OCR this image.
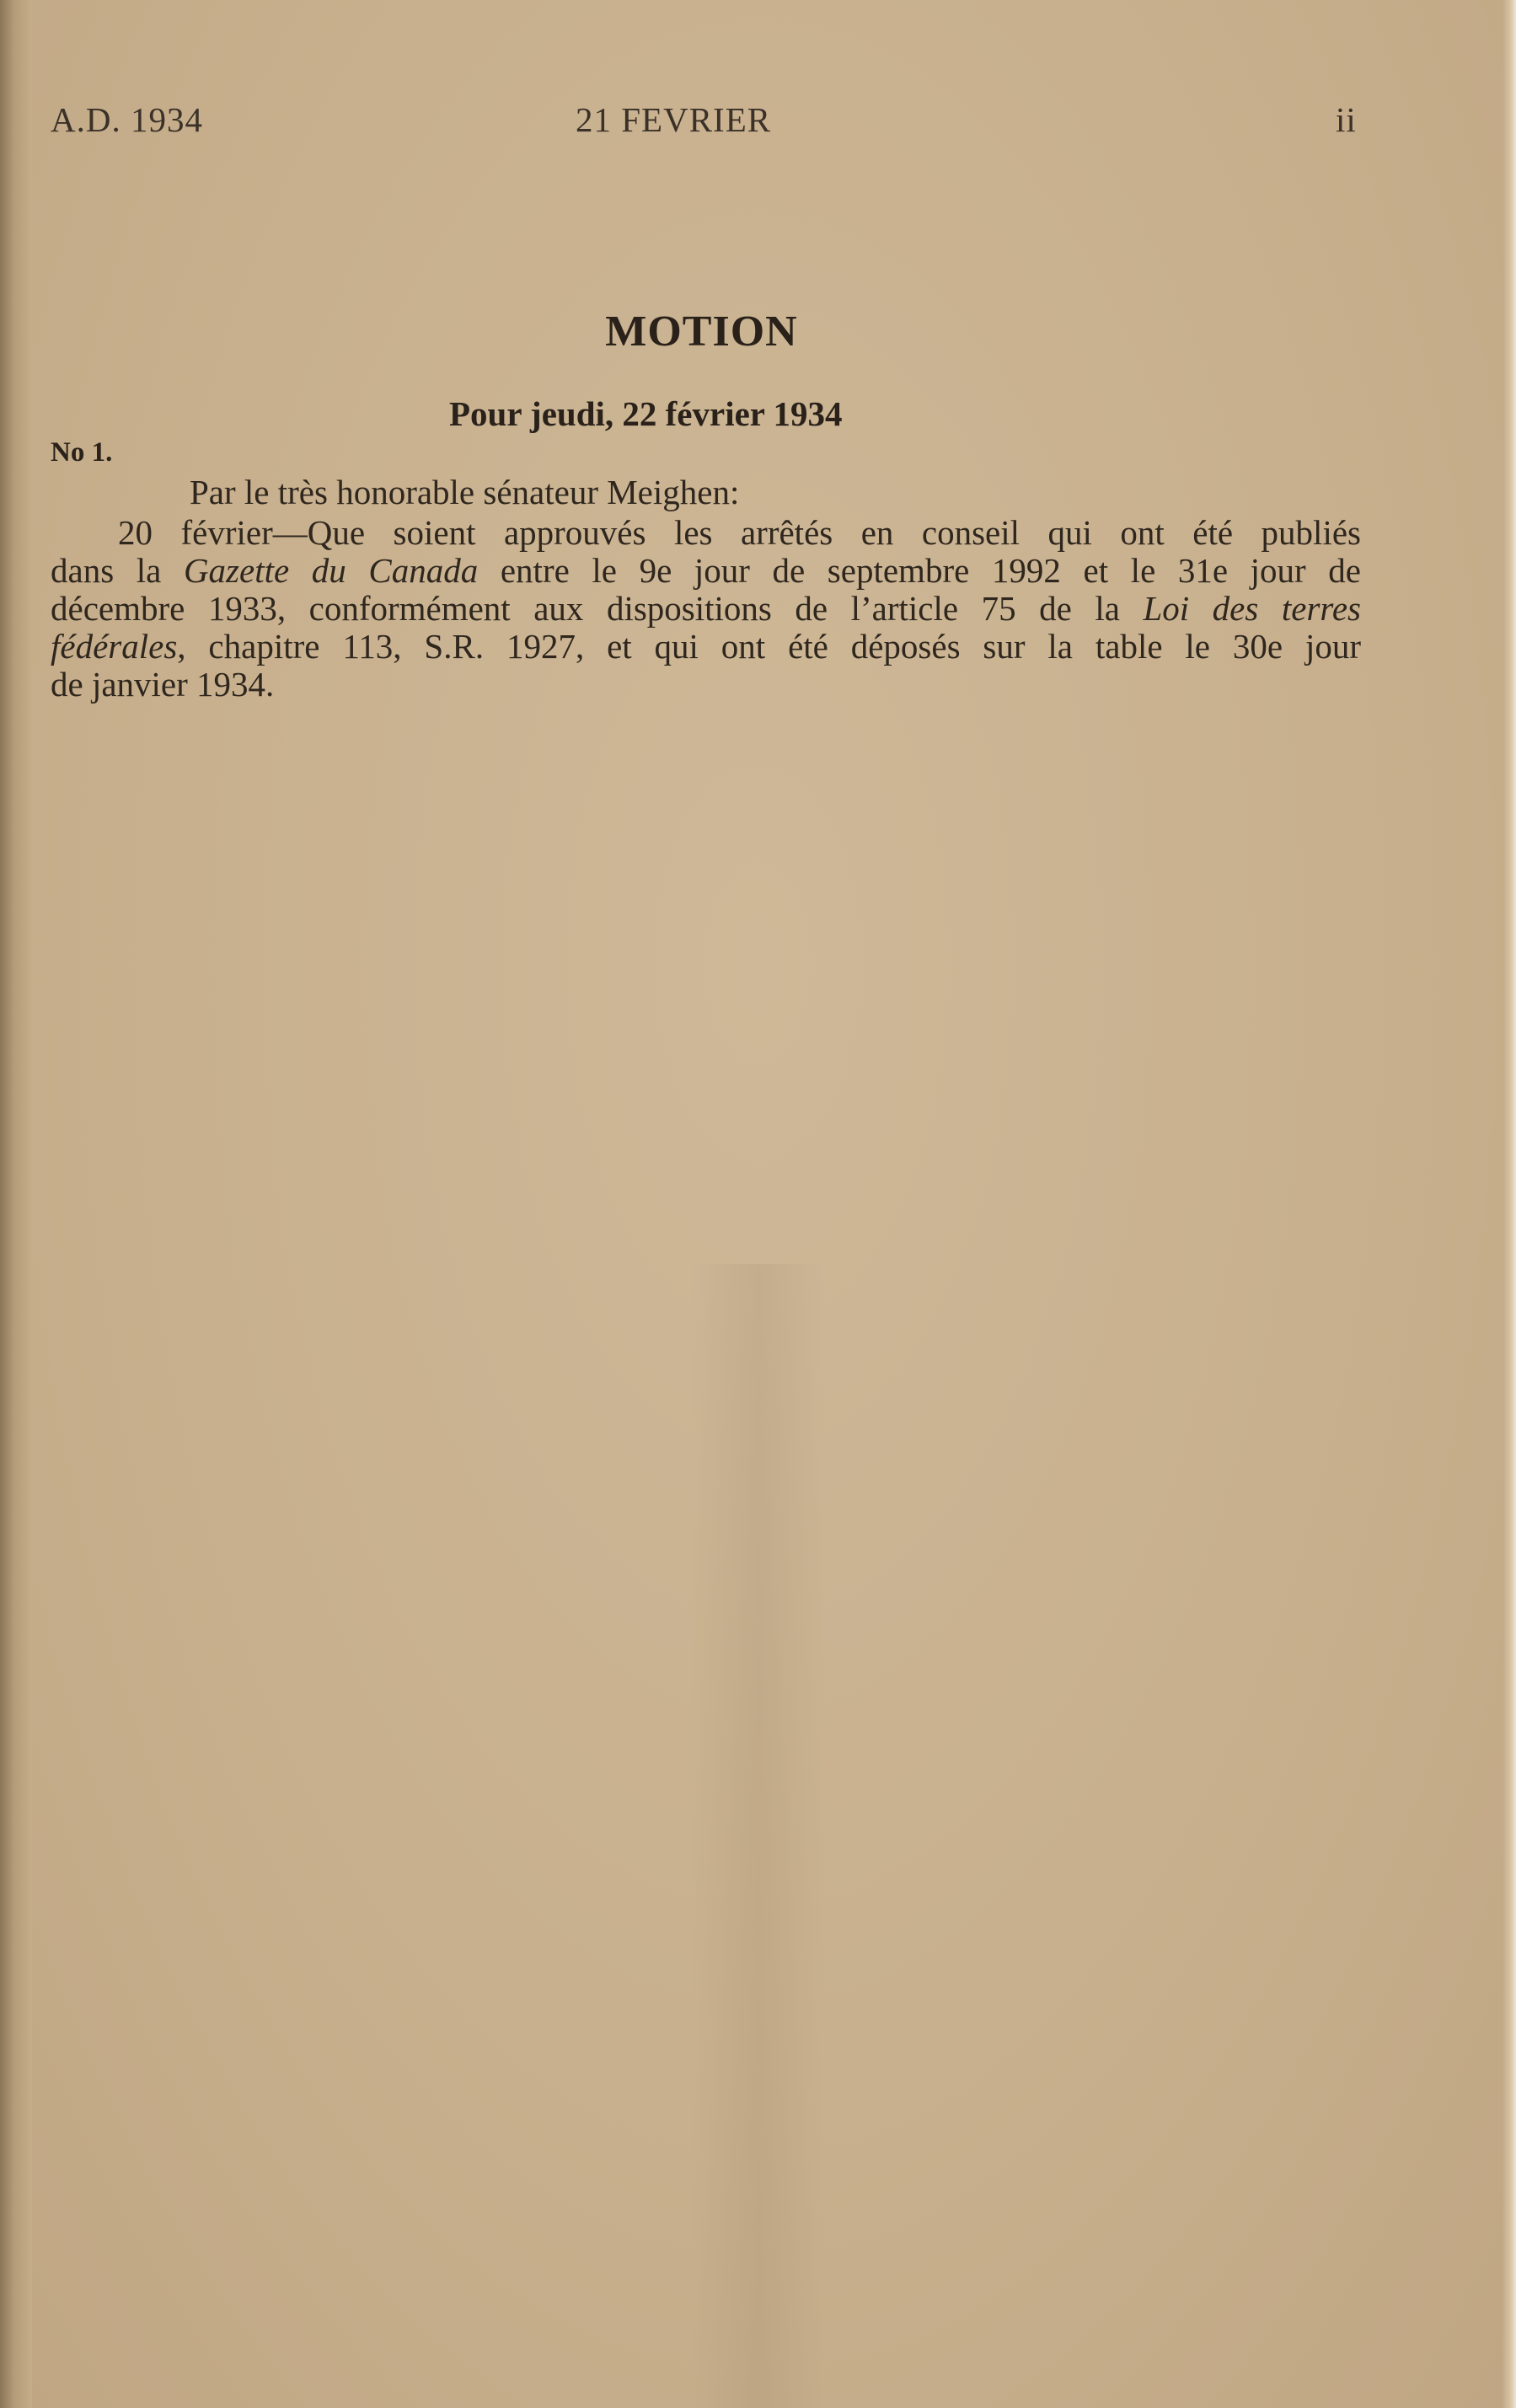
A.D. 1934	21 FEVRIER	ii
MOTION
Pour jeudi, 22 février 1934
No 1.
Par le très honorable sénateur Meighen:
20 février—Que soient approuvés les arrêtés en conseil qui ont été publiés
dans la Gazette du Canada entre le 9e jour de septembre 1992 et le 31e jour de
décembre 1933, conformément aux dispositions de l’article 75 de la Loi des terres
fédérales, chapitre 113, S.R. 1927, et qui ont été déposés sur la table le 30e jour
de janvier 1934.
